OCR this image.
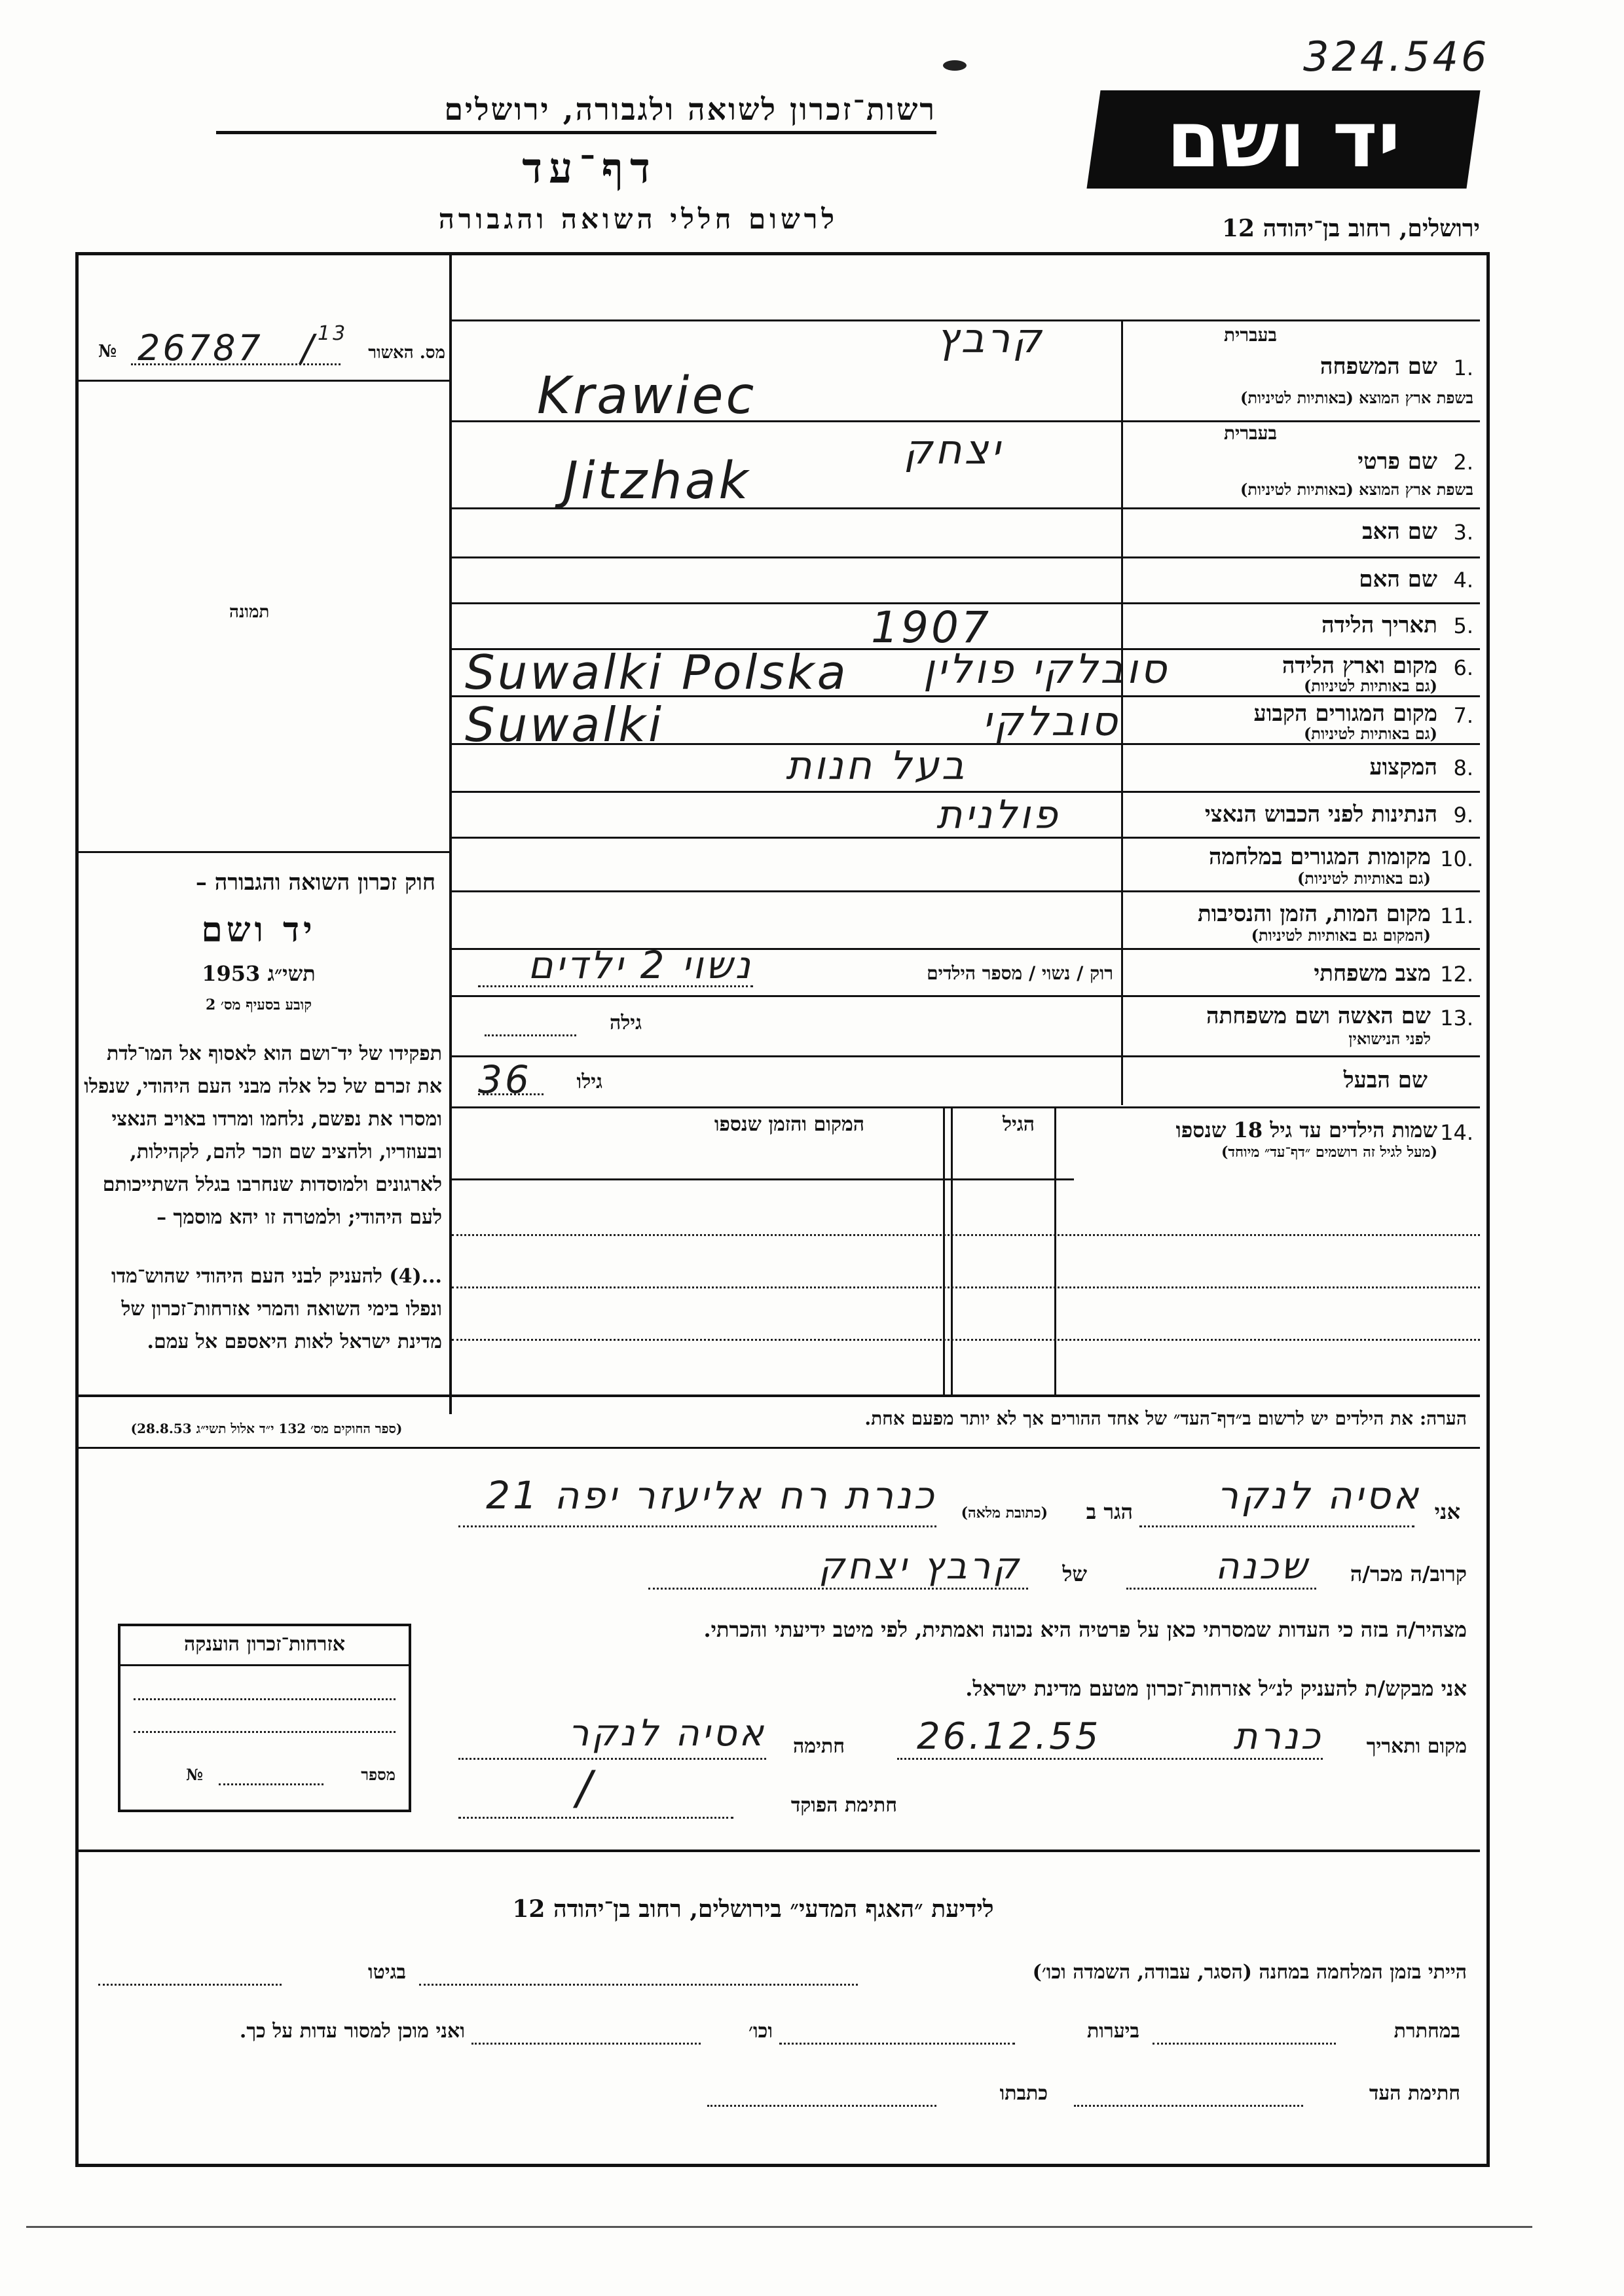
324.546
רשות־זכרון לשואה ולגבורה, ירושלים
דף־עד
לרשום חללי השואה והגבורה
יד ושם
ירושלים, רחוב בן־יהודה 12
№ 26787 / 13
מס. האשור
תמונה
חוק זכרון השואה והגבורה –
יד ושם
תשי״ג 1953
קובע בסעיף מס׳ 2
תפקידו של יד־ושם הוא לאסוף אל המו־לדת את זכרם של כל אלה מבני העם היהודי, שנפלו ומסרו את נפשם, נלחמו ומרדו באויב הנאצי ובעוזריו, ולהציב שם וזכר להם, לקהילות, לארגונים ולמוסדות שנחרבו בגלל השתייכותם לעם היהודי; ולמטרה זו יהא מוסמך –
...(4) להעניק לבני העם היהודי שהוש־מדו ונפלו בימי השואה והמרי אזרחות־זכרון של מדינת ישראל לאות היאספם אל עמם.
(ספר החוקים מס׳ 132 י״ד אלול תשי״ג 28.8.53)
בעברית
1.
שם המשפחה
בשפת ארץ המוצא (באותיות לטיניות)
קרבץ
Krawiec
בעברית
2.
שם פרטי
בשפת ארץ המוצא (באותיות לטיניות)
יצחק
Jitzhak
3.
שם האב
4.
שם האם
5.
תאריך הלידה
1907
6.
מקום וארץ הלידה
(גם באותיות לטיניות)
Suwalki Polska סובלקי פולין
7.
מקום המגורים הקבוע
(גם באותיות לטיניות)
Suwalki	סובלקי
8.
המקצוע
בעל חנות
9.
הנתינות לפני הכבוש הנאצי
פולנית
10.
מקומות המגורים במלחמה
(גם באותיות לטיניות)
11.
מקום המות, הזמן והנסיבות
(המקום גם באותיות לטיניות)
12.
מצב משפחתי
רוק / נשוי / מספר הילדים
נשוי 2 ילדים
13.
שם האשה ושם משפחתה
לפני הנישואין
גילה
שם הבעל
גילו
36
14.
שמות הילדים עד גיל 18 שנספו
(מעל לגיל זה רושמים ״דף־עד״ מיוחד)
הגיל
המקום והזמן שנספו
הערה: את הילדים יש לרשום ב״דף־העד״ של אחד ההורים אך לא יותר מפעם אחת.
אני
אסיה לנקר
הגר ב
(כתובת מלאה)
כנרת רח אליעזר יפה 21
קרוב/ה מכר/ה
שכנה
של
קרבץ יצחק
מצהיר/ה בזה כי העדות שמסרתי כאן על פרטיה היא נכונה ואמתית, לפי מיטב ידיעתי והכרתי.
אני מבקש/ת להעניק לנ״ל אזרחות־זכרון מטעם מדינת ישראל.
מקום ותאריך
כנרת
26.12.55
חתימה
אסיה לנקר
חתימת הפוקד
/
אזרחות־זכרון הוענקה
מספר
№
לידיעת ״האגף המדעי״ בירושלים, רחוב בן־יהודה 12
הייתי בזמן המלחמה במחנה (הסגר, עבודה, השמדה וכו׳)
בגיטו
במחתרת
ביערות
וכו׳
ואני מוכן למסור עדות על כך.
חתימת העד
כתבתו
